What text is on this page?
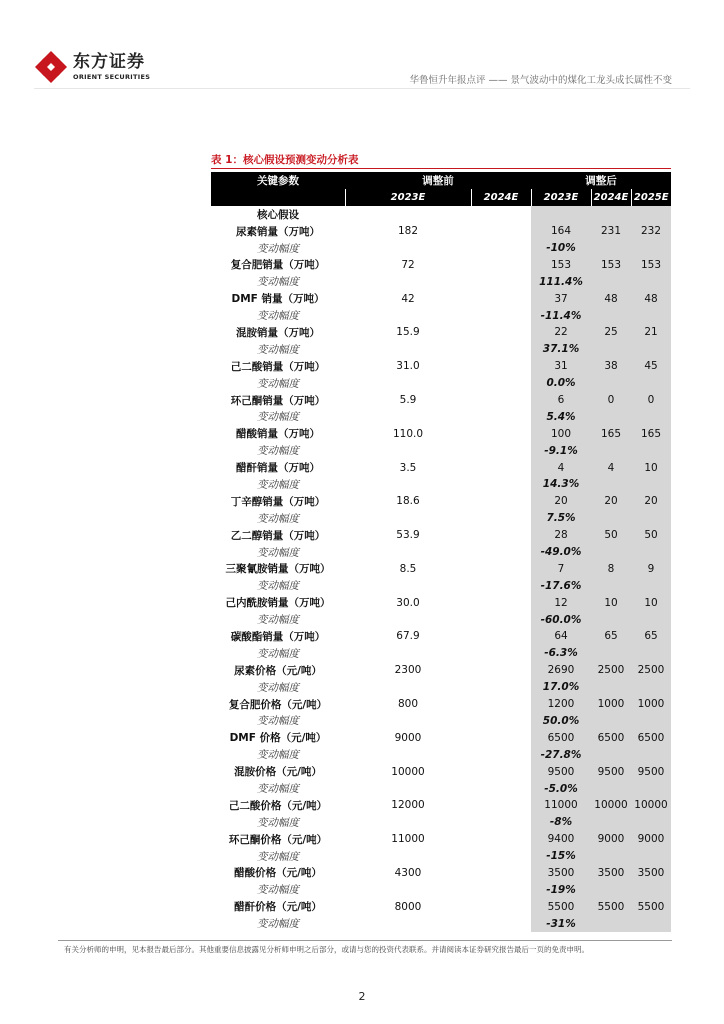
东方证券
ORIENT SECURITIES	华鲁恒升年报点评 —— 景气波动中的煤化工龙头成长属性不变
表 1：核心假设预测变动分析表
关键参数	调整前		调整后		
	2023E	2024E	2023E	2024E	2025E
核心假设					
尿素销量（万吨）	182		164	231	232
变动幅度			-10%		
复合肥销量（万吨）	72		153	153	153
变动幅度			111.4%		
DMF 销量（万吨）	42		37	48	48
变动幅度			-11.4%		
混胺销量（万吨）	15.9		22	25	21
变动幅度			37.1%		
己二酸销量（万吨）	31.0		31	38	45
变动幅度			0.0%		
环己酮销量（万吨）	5.9		6	0	0
变动幅度			5.4%		
醋酸销量（万吨）	110.0		100	165	165
变动幅度			-9.1%		
醋酐销量（万吨）	3.5		4	4	10
变动幅度			14.3%		
丁辛醇销量（万吨）	18.6		20	20	20
变动幅度			7.5%		
乙二醇销量（万吨）	53.9		28	50	50
变动幅度			-49.0%		
三聚氰胺销量（万吨）	8.5		7	8	9
变动幅度			-17.6%		
己内酰胺销量（万吨）	30.0		12	10	10
变动幅度			-60.0%		
碳酸酯销量（万吨）	67.9		64	65	65
变动幅度			-6.3%		
尿素价格（元/吨）	2300		2690	2500	2500
变动幅度			17.0%		
复合肥价格（元/吨）	800		1200	1000	1000
变动幅度			50.0%		
DMF 价格（元/吨）	9000		6500	6500	6500
变动幅度			-27.8%		
混胺价格（元/吨）	10000		9500	9500	9500
变动幅度			-5.0%		
己二酸价格（元/吨）	12000		11000	10000	10000
变动幅度			-8%		
环己酮价格（元/吨）	11000		9400	9000	9000
变动幅度			-15%		
醋酸价格（元/吨）	4300		3500	3500	3500
变动幅度			-19%		
醋酐价格（元/吨）	8000		5500	5500	5500
变动幅度			-31%		
有关分析师的申明，见本报告最后部分。其他重要信息披露见分析师申明之后部分，或请与您的投资代表联系。并请阅读本证券研究报告最后一页的免责申明。
2
